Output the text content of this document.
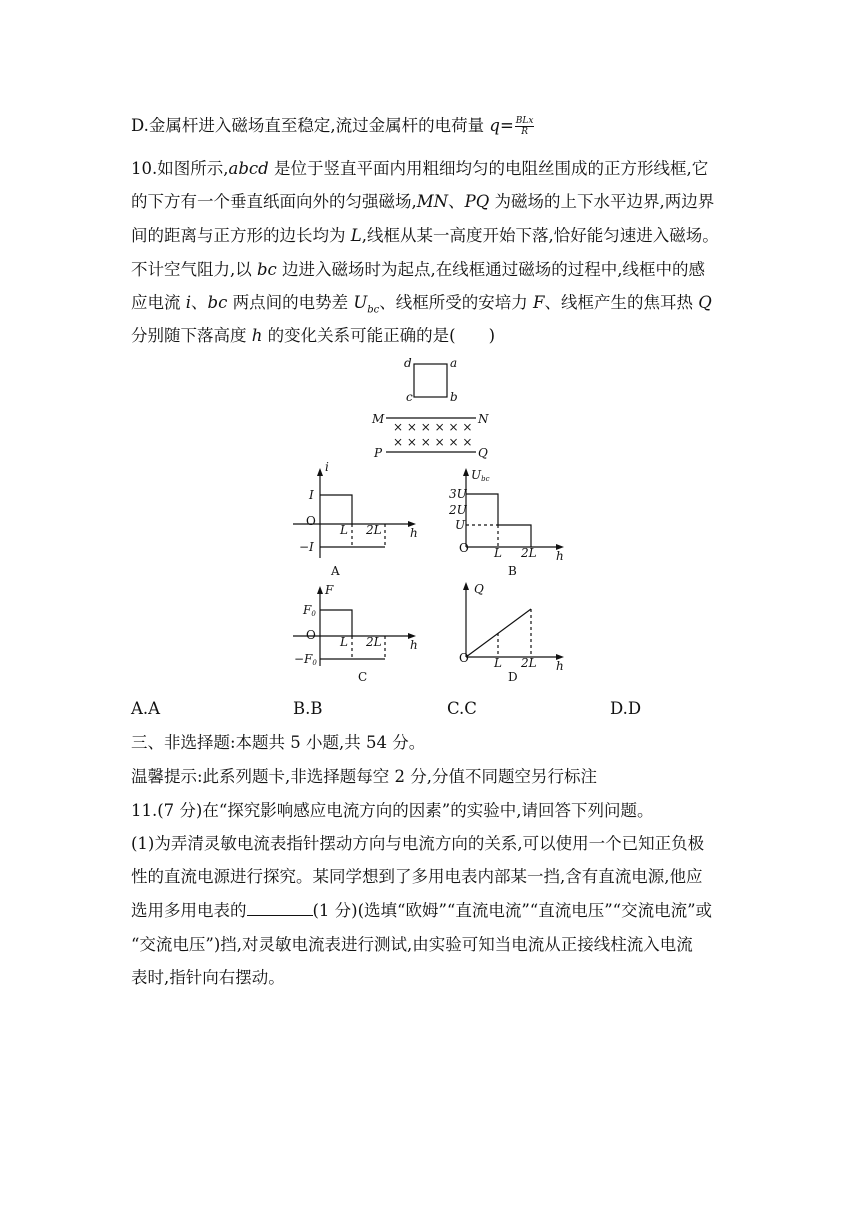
D.金属杆进入磁场直至稳定,流过金属杆的电荷量 $q= \frac{\text{BLx}}{R}$
10.如图所示,abcd 是位于竖直平面内用粗细均匀的电阻丝围成的正方形线框,它
的下方有一个垂直纸面向外的匀强磁场,MN、PQ 为磁场的上下水平边界,两边界
间的距离与正方形的边长均为 L,线框从某一高度开始下落,恰好能匀速进入磁场。
不计空气阻力,以 bc 边进入磁场时为起点,在线框通过磁场的过程中,线框中的感
应电流 i、bc 两点间的电势差 $U_{bc}$、线框所受的安培力 F、线框产生的焦耳热 Q
分别随下落高度 h 的变化关系可能正确的是(　　)
d	a
c	b
M	N
P	Q
× × × × × ×
× × × × × ×
i
I
O
−I
L 2L h
A
Ubc
3U
2U
U
O L 2L h
B
F
F0
O
−F0
L 2L h
C
Q
O L 2L h
D
A.A	B.B	C.C	D.D
三、非选择题:本题共 5 小题,共 54 分。
温馨提示:此系列题卡,非选择题每空 2 分,分值不同题空另行标注
11.(7 分)在“探究影响感应电流方向的因素”的实验中,请回答下列问题。
(1)为弄清灵敏电流表指针摆动方向与电流方向的关系,可以使用一个已知正负极
性的直流电源进行探究。某同学想到了多用电表内部某一挡,含有直流电源,他应
选用多用电表的	(1 分)(选填“欧姆”“直流电流”“直流电压”“交流电流”或
“交流电压”)挡,对灵敏电流表进行测试,由实验可知当电流从正接线柱流入电流
表时,指针向右摆动。
